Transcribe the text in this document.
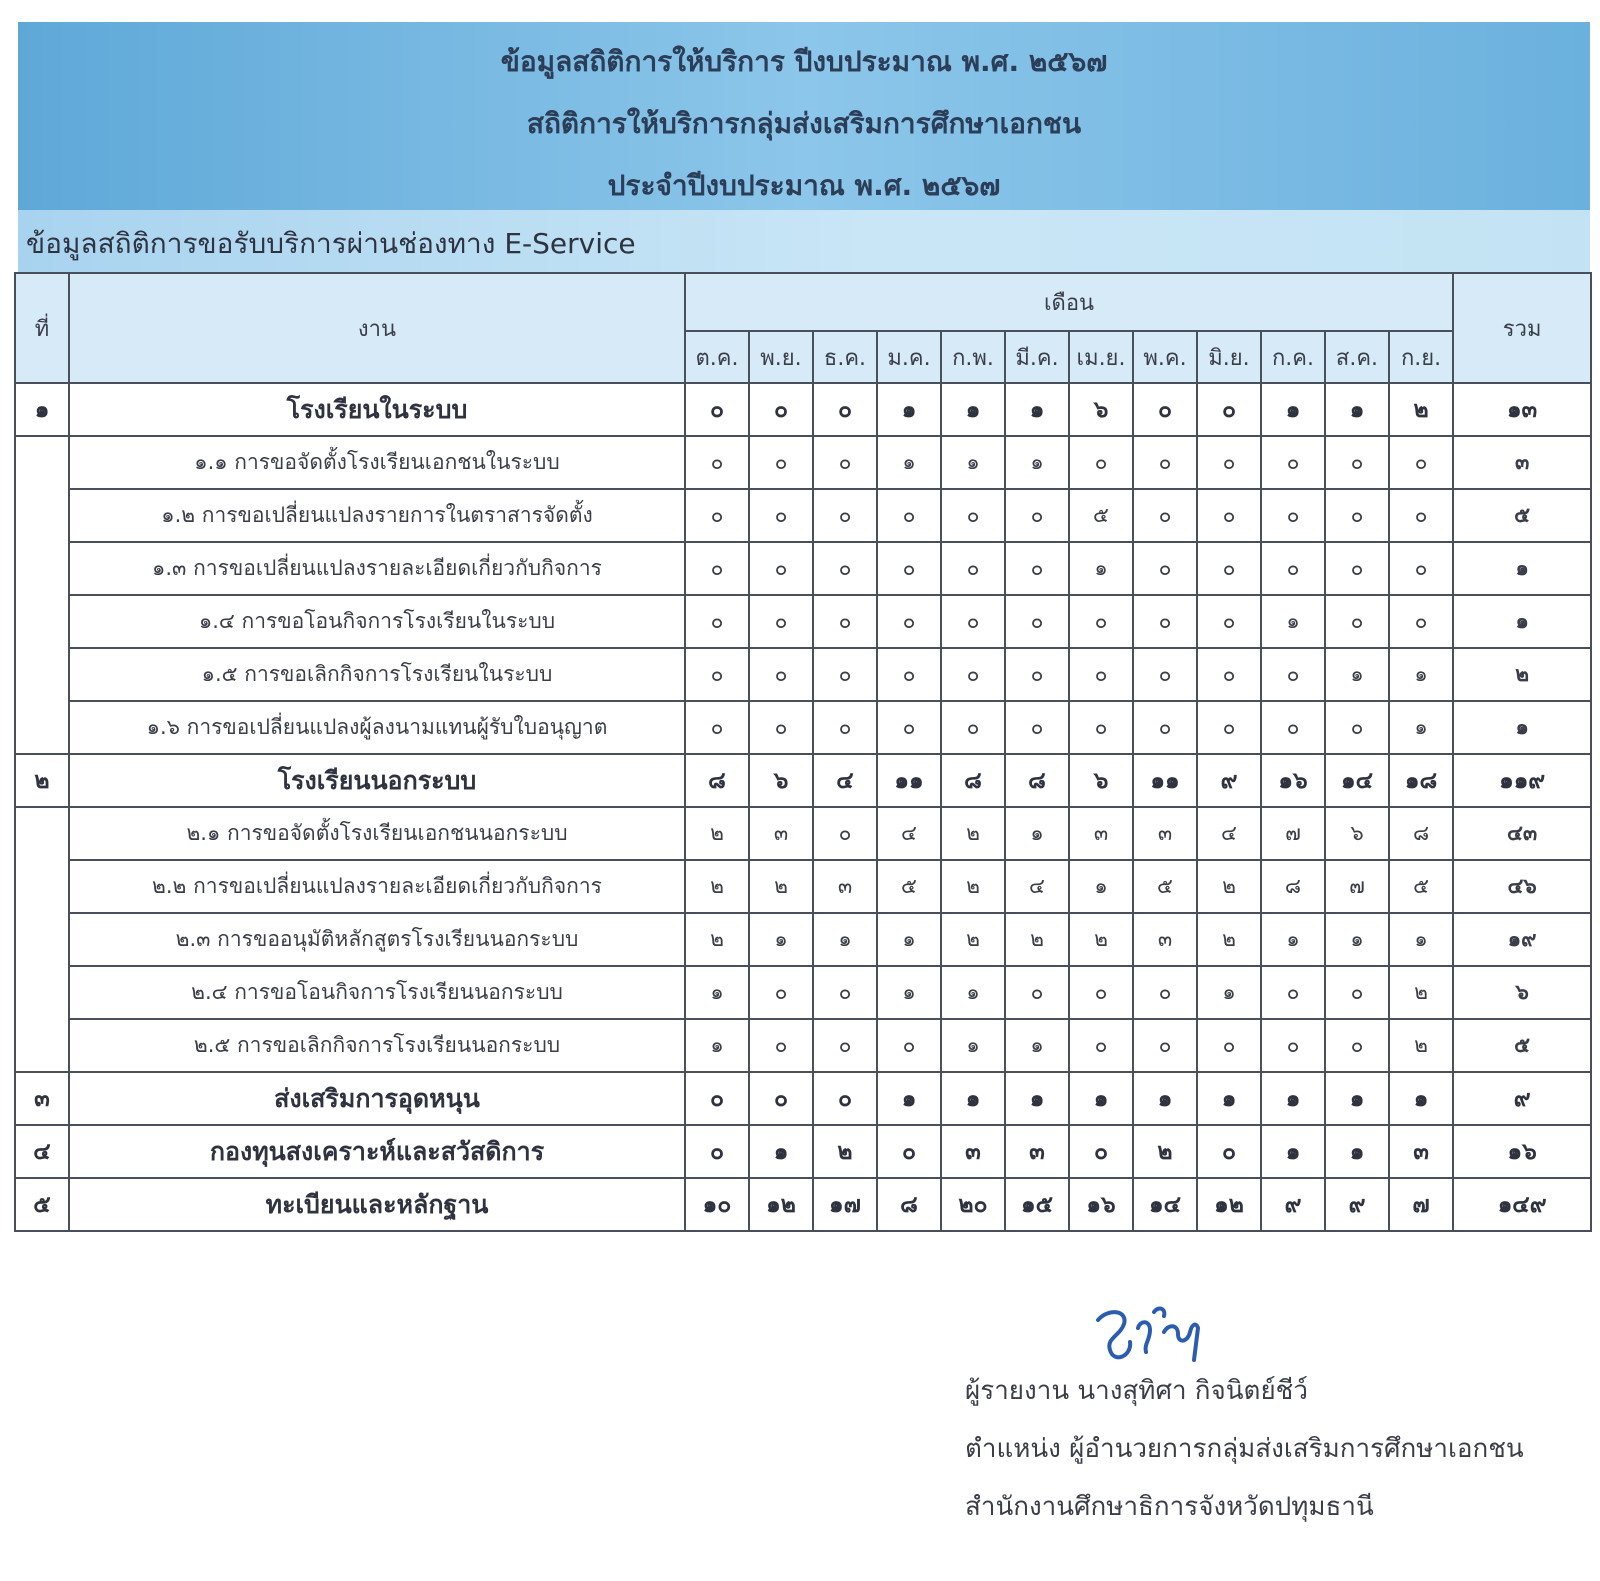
ข้อมูลสถิติการให้บริการ ปีงบประมาณ พ.ศ. ๒๕๖๗
สถิติการให้บริการกลุ่มส่งเสริมการศึกษาเอกชน
ประจำปีงบประมาณ พ.ศ. ๒๕๖๗
ข้อมูลสถิติการขอรับบริการผ่านช่องทาง E-Service
ที่	งาน	เดือน												รวม
		ต.ค.	พ.ย.	ธ.ค.	ม.ค.	ก.พ.	มี.ค.	เม.ย.	พ.ค.	มิ.ย.	ก.ค.	ส.ค.	ก.ย.	
๑	โรงเรียนในระบบ	๐	๐	๐	๑	๑	๑	๖	๐	๐	๑	๑	๒	๑๓
	๑.๑ การขอจัดตั้งโรงเรียนเอกชนในระบบ	๐	๐	๐	๑	๑	๑	๐	๐	๐	๐	๐	๐	๓
	๑.๒ การขอเปลี่ยนแปลงรายการในตราสารจัดตั้ง	๐	๐	๐	๐	๐	๐	๕	๐	๐	๐	๐	๐	๕
	๑.๓ การขอเปลี่ยนแปลงรายละเอียดเกี่ยวกับกิจการ	๐	๐	๐	๐	๐	๐	๑	๐	๐	๐	๐	๐	๑
	๑.๔ การขอโอนกิจการโรงเรียนในระบบ	๐	๐	๐	๐	๐	๐	๐	๐	๐	๑	๐	๐	๑
	๑.๕ การขอเลิกกิจการโรงเรียนในระบบ	๐	๐	๐	๐	๐	๐	๐	๐	๐	๐	๑	๑	๒
	๑.๖ การขอเปลี่ยนแปลงผู้ลงนามแทนผู้รับใบอนุญาต	๐	๐	๐	๐	๐	๐	๐	๐	๐	๐	๐	๑	๑
๒	โรงเรียนนอกระบบ	๘	๖	๔	๑๑	๘	๘	๖	๑๑	๙	๑๖	๑๔	๑๘	๑๑๙
	๒.๑ การขอจัดตั้งโรงเรียนเอกชนนอกระบบ	๒	๓	๐	๔	๒	๑	๓	๓	๔	๗	๖	๘	๔๓
	๒.๒ การขอเปลี่ยนแปลงรายละเอียดเกี่ยวกับกิจการ	๒	๒	๓	๕	๒	๔	๑	๕	๒	๘	๗	๕	๔๖
	๒.๓ การขออนุมัติหลักสูตรโรงเรียนนอกระบบ	๒	๑	๑	๑	๒	๒	๒	๓	๒	๑	๑	๑	๑๙
	๒.๔ การขอโอนกิจการโรงเรียนนอกระบบ	๑	๐	๐	๑	๑	๐	๐	๐	๑	๐	๐	๒	๖
	๒.๕ การขอเลิกกิจการโรงเรียนนอกระบบ	๑	๐	๐	๐	๑	๑	๐	๐	๐	๐	๐	๒	๕
๓	ส่งเสริมการอุดหนุน	๐	๐	๐	๑	๑	๑	๑	๑	๑	๑	๑	๑	๙
๔	กองทุนสงเคราะห์และสวัสดิการ	๐	๑	๒	๐	๓	๓	๐	๒	๐	๑	๑	๓	๑๖
๕	ทะเบียนและหลักฐาน	๑๐	๑๒	๑๗	๘	๒๐	๑๕	๑๖	๑๔	๑๒	๙	๙	๗	๑๔๙
ผู้รายงาน นางสุทิศา กิจนิตย์ชีว์
ตำแหน่ง ผู้อำนวยการกลุ่มส่งเสริมการศึกษาเอกชน
สำนักงานศึกษาธิการจังหวัดปทุมธานี
